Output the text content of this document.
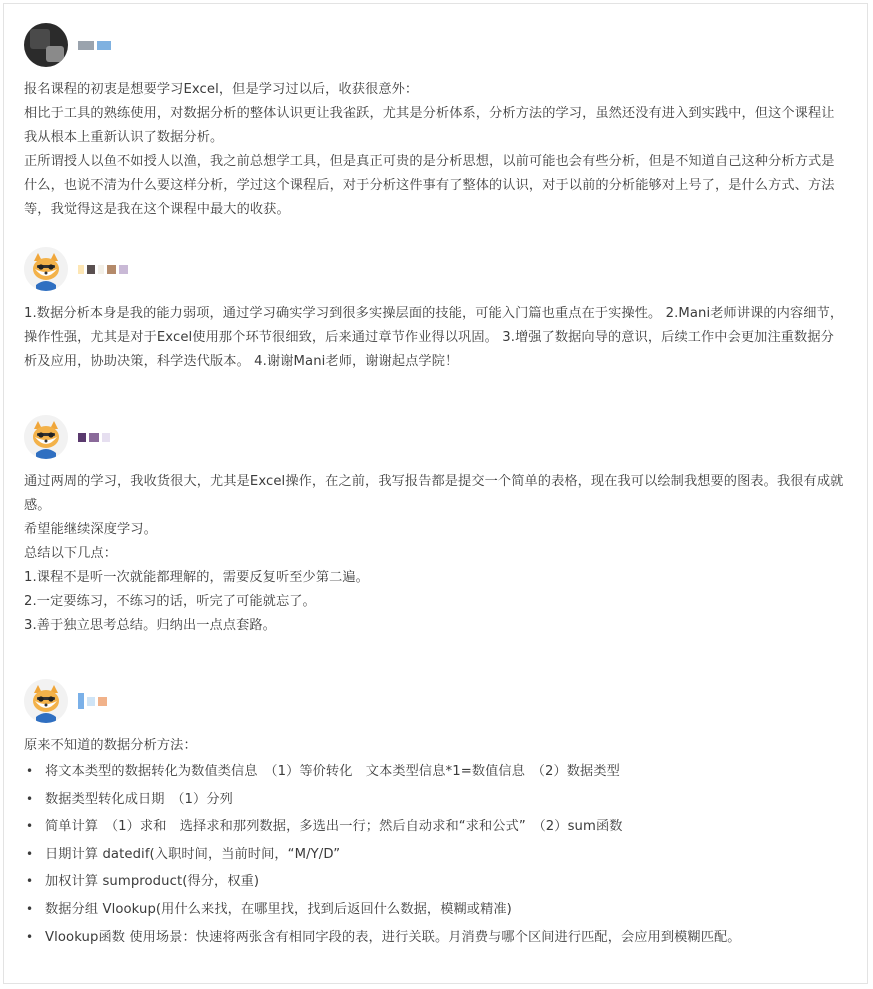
报名课程的初衷是想要学习Excel，但是学习过以后，收获很意外：

相比于工具的熟练使用，对数据分析的整体认识更让我雀跃，尤其是分析体系，分析方法的学习，虽然还没有进入到实践中，但这个课程让我从根本上重新认识了数据分析。

正所谓授人以鱼不如授人以渔，我之前总想学工具，但是真正可贵的是分析思想，以前可能也会有些分析，但是不知道自己这种分析方式是什么，也说不清为什么要这样分析，学过这个课程后，对于分析这件事有了整体的认识，对于以前的分析能够对上号了，是什么方式、方法等，我觉得这是我在这个课程中最大的收获。

1.数据分析本身是我的能力弱项，通过学习确实学习到很多实操层面的技能，可能入门篇也重点在于实操性。 2.Mani老师讲课的内容细节，操作性强，尤其是对于Excel使用那个环节很细致，后来通过章节作业得以巩固。 3.增强了数据向导的意识，后续工作中会更加注重数据分析及应用，协助决策，科学迭代版本。 4.谢谢Mani老师，谢谢起点学院！

通过两周的学习，我收货很大，尤其是Excel操作，在之前，我写报告都是提交一个简单的表格，现在我可以绘制我想要的图表。我很有成就感。

希望能继续深度学习。

总结以下几点：

1.课程不是听一次就能都理解的，需要反复听至少第二遍。

2.一定要练习，不练习的话，听完了可能就忘了。

3.善于独立思考总结。归纳出一点点套路。

原来不知道的数据分析方法：

• 将文本类型的数据转化为数值类信息　（1）等价转化　文本类型信息*1=数值信息　（2）数据类型
• 数据类型转化成日期　（1）分列
• 简单计算　（1）求和　选择求和那列数据，多选出一行；然后自动求和“求和公式”　（2）sum函数
• 日期计算 datedif(入职时间，当前时间，“M/Y/D”
• 加权计算 sumproduct(得分，权重)
• 数据分组 Vlookup(用什么来找，在哪里找，找到后返回什么数据，模糊或精准)
• Vlookup函数 使用场景：快速将两张含有相同字段的表，进行关联。月消费与哪个区间进行匹配，会应用到模糊匹配。
